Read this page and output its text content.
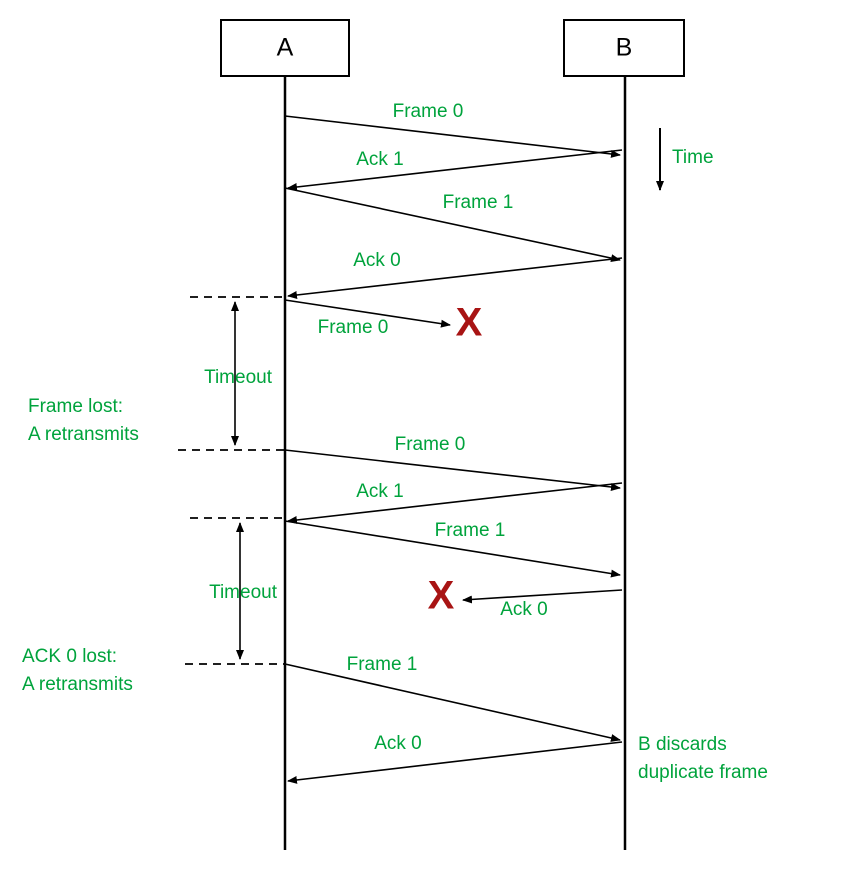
A	B
Time
Frame 0
Ack 1
Frame 1
Ack 0
Frame 0 X
Timeout
Frame lost:
A retransmits	Frame 0
Ack 1
Frame 1
Ack 0
X
Timeout
ACK 0 lost:
A retransmits
Frame 1
Ack 0	B discards
duplicate frame
